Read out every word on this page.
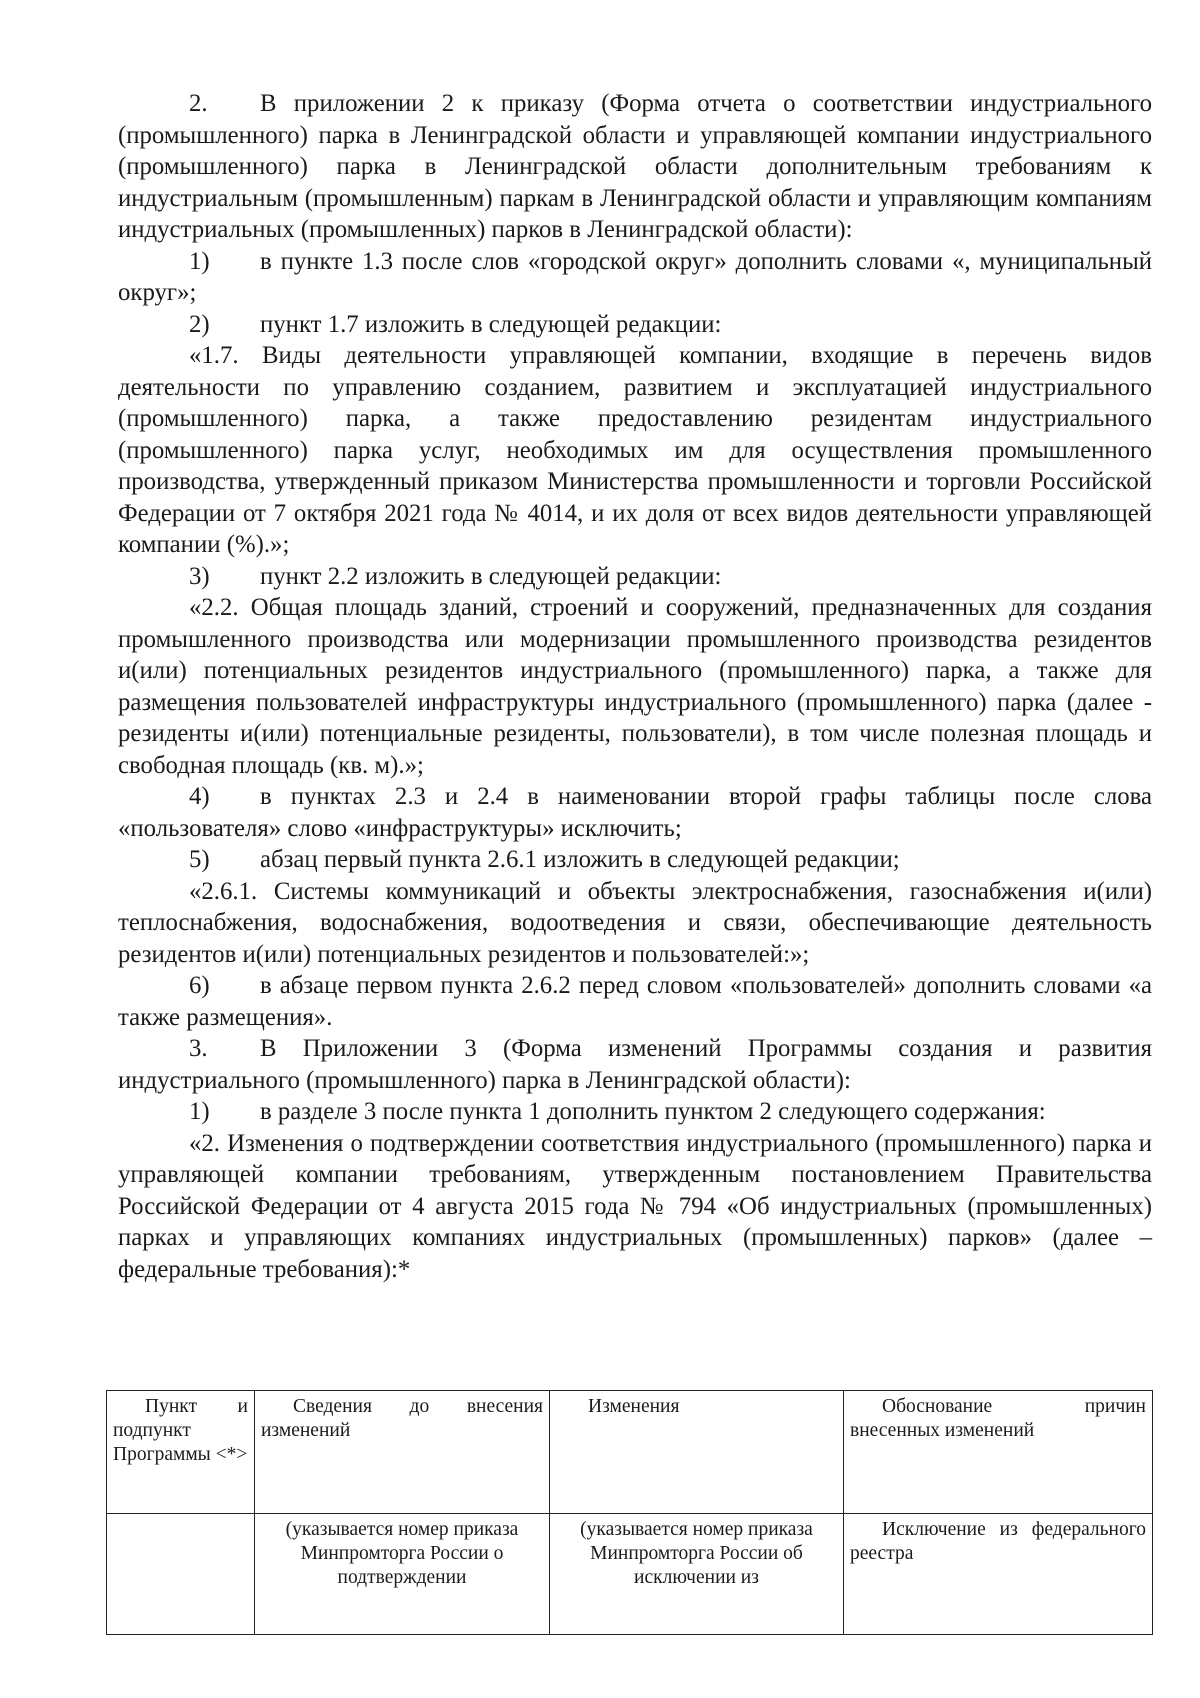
2. В приложении 2 к приказу (Форма отчета о соответствии индустриального (промышленного) парка в Ленинградской области и управляющей компании индустриального (промышленного) парка в Ленинградской области дополнительным требованиям к индустриальным (промышленным) паркам в Ленинградской области и управляющим компаниям индустриальных (промышленных) парков в Ленинградской области):

1) в пункте 1.3 после слов «городской округ» дополнить словами «, муниципальный округ»;

2) пункт 1.7 изложить в следующей редакции:

«1.7. Виды деятельности управляющей компании, входящие в перечень видов деятельности по управлению созданием, развитием и эксплуатацией индустриального (промышленного) парка, а также предоставлению резидентам индустриального (промышленного) парка услуг, необходимых им для осуществления промышленного производства, утвержденный приказом Министерства промышленности и торговли Российской Федерации от 7 октября 2021 года № 4014, и их доля от всех видов деятельности управляющей компании (%).»;

3) пункт 2.2 изложить в следующей редакции:

«2.2. Общая площадь зданий, строений и сооружений, предназначенных для создания промышленного производства или модернизации промышленного производства резидентов и(или) потенциальных резидентов индустриального (промышленного) парка, а также для размещения пользователей инфраструктуры индустриального (промышленного) парка (далее - резиденты и(или) потенциальные резиденты, пользователи), в том числе полезная площадь и свободная площадь (кв. м).»;

4) в пунктах 2.3 и 2.4 в наименовании второй графы таблицы после слова «пользователя» слово «инфраструктуры» исключить;

5) абзац первый пункта 2.6.1 изложить в следующей редакции;

«2.6.1. Системы коммуникаций и объекты электроснабжения, газоснабжения и(или) теплоснабжения, водоснабжения, водоотведения и связи, обеспечивающие деятельность резидентов и(или) потенциальных резидентов и пользователей:»;

6) в абзаце первом пункта 2.6.2 перед словом «пользователей» дополнить словами «а также размещения».

3. В Приложении 3 (Форма изменений Программы создания и развития индустриального (промышленного) парка в Ленинградской области):

1) в разделе 3 после пункта 1 дополнить пунктом 2 следующего содержания:

«2. Изменения о подтверждении соответствия индустриального (промышленного) парка и управляющей компании требованиям, утвержденным постановлением Правительства Российской Федерации от 4 августа 2015 года № 794 «Об индустриальных (промышленных) парках и управляющих компаниях индустриальных (промышленных) парков» (далее – федеральные требования):*

Пункт и подпункт Программы <*>	Сведения до внесения изменений	Изменения	Обоснование причин внесенных изменений
	(указывается номер приказа Минпромторга России о подтверждении	(указывается номер приказа Минпромторга России об исключении из	Исключение из федерального реестра
